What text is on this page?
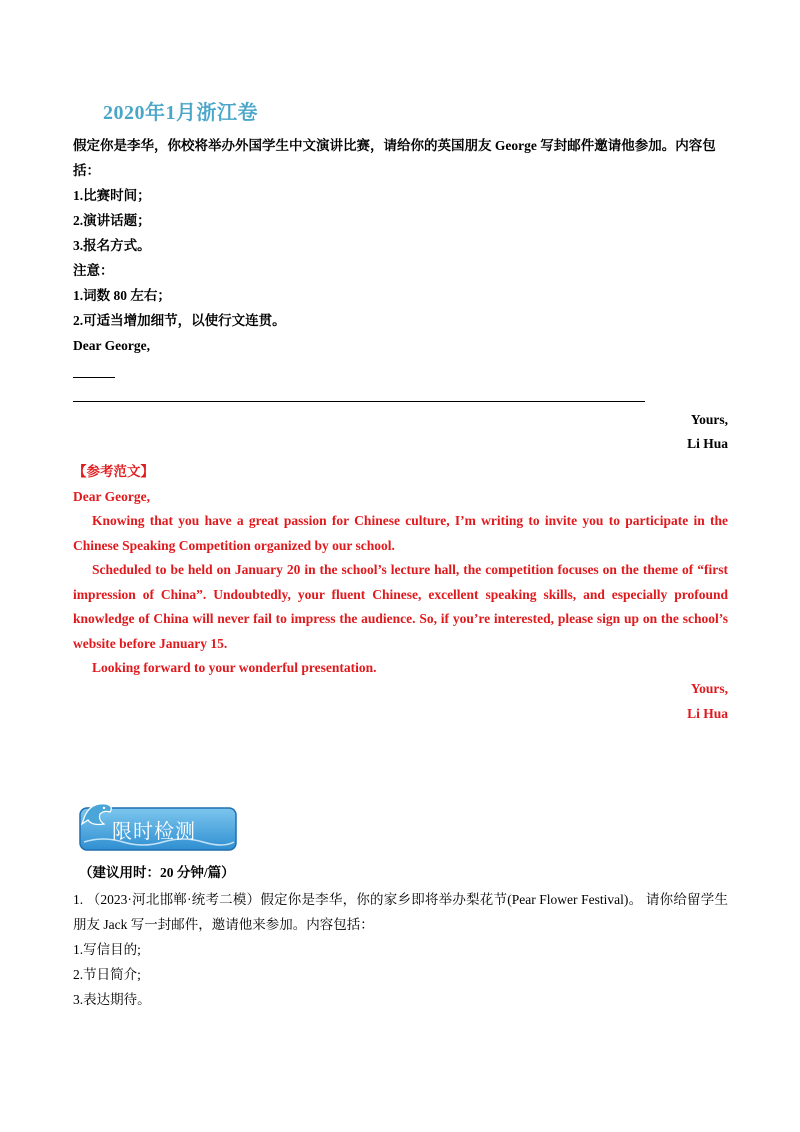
2020年1月浙江卷
假定你是李华，你校将举办外国学生中文演讲比赛，请给你的英国朋友 George 写封邮件邀请他参加。内容包括：
1.比赛时间；
2.演讲话题；
3.报名方式。
注意：
1.词数 80 左右；
2.可适当增加细节，以使行文连贯。
Dear George,
Yours,
Li Hua
【参考范文】
Dear George,
Knowing that you have a great passion for Chinese culture, I’m writing to invite you to participate in the Chinese Speaking Competition organized by our school.
Scheduled to be held on January 20 in the school’s lecture hall, the competition focuses on the theme of “first impression of China”. Undoubtedly, your fluent Chinese, excellent speaking skills, and especially profound knowledge of China will never fail to impress the audience. So, if you’re interested, please sign up on the school’s website before January 15.
Looking forward to your wonderful presentation.
Yours,
Li Hua
限时检测
（建议用时：20 分钟/篇）
1. （2023·河北邯郸·统考二模）假定你是李华，你的家乡即将举办梨花节(Pear Flower Festival)。 请你给留学生朋友 Jack 写一封邮件，邀请他来参加。内容包括：
1.写信目的;
2.节日简介;
3.表达期待。
